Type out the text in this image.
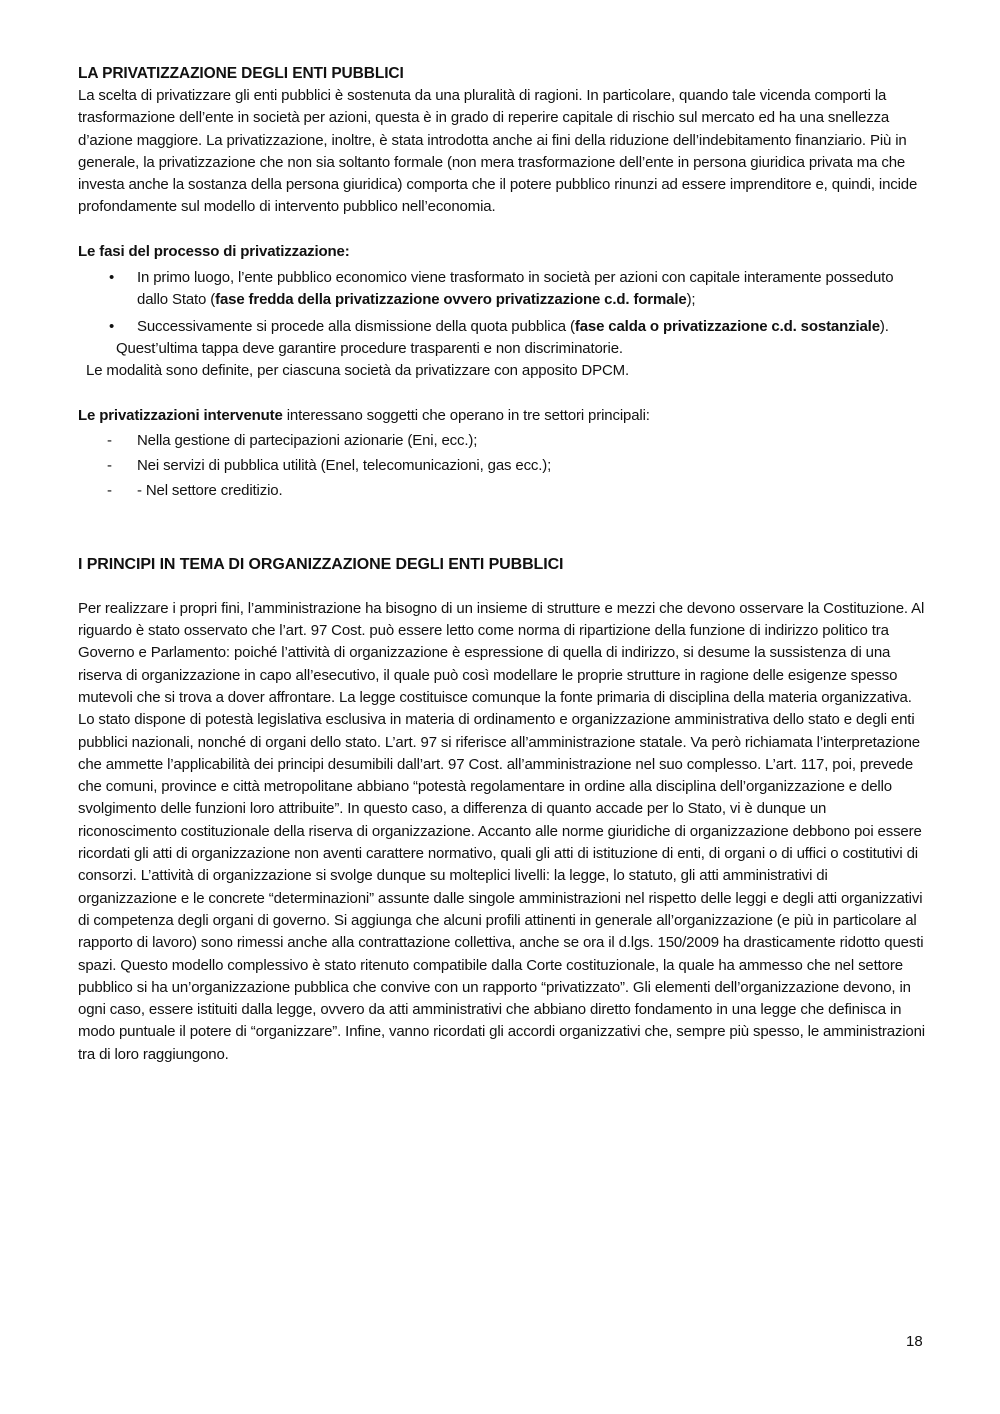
LA PRIVATIZZAZIONE DEGLI ENTI PUBBLICI

La scelta di privatizzare gli enti pubblici è sostenuta da una pluralità di ragioni. In particolare, quando tale vicenda comporti la trasformazione dell’ente in società per azioni, questa è in grado di reperire capitale di rischio sul mercato ed ha una snellezza d’azione maggiore. La privatizzazione, inoltre, è stata introdotta anche ai fini della riduzione dell’indebitamento finanziario. Più in generale, la privatizzazione che non sia soltanto formale (non mera trasformazione dell’ente in persona giuridica privata ma che investa anche la sostanza della persona giuridica) comporta che il potere pubblico rinunzi ad essere imprenditore e, quindi, incide profondamente sul modello di intervento pubblico nell’economia.

Le fasi del processo di privatizzazione:

• In primo luogo, l’ente pubblico economico viene trasformato in società per azioni con capitale interamente posseduto dallo Stato (fase fredda della privatizzazione ovvero privatizzazione c.d. formale);
• Successivamente si procede alla dismissione della quota pubblica (fase calda o privatizzazione c.d. sostanziale).

Quest’ultima tappa deve garantire procedure trasparenti e non discriminatorie.

Le modalità sono definite, per ciascuna società da privatizzare con apposito DPCM.

Le privatizzazioni intervenute interessano soggetti che operano in tre settori principali:

- Nella gestione di partecipazioni azionarie (Eni, ecc.);
- Nei servizi di pubblica utilità (Enel, telecomunicazioni, gas ecc.);
- - Nel settore creditizio.
I PRINCIPI IN TEMA DI ORGANIZZAZIONE DEGLI ENTI PUBBLICI

Per realizzare i propri fini, l’amministrazione ha bisogno di un insieme di strutture e mezzi che devono osservare la Costituzione. Al riguardo è stato osservato che l’art. 97 Cost. può essere letto come norma di ripartizione della funzione di indirizzo politico tra Governo e Parlamento: poiché l’attività di organizzazione è espressione di quella di indirizzo, si desume la sussistenza di una riserva di organizzazione in capo all’esecutivo, il quale può così modellare le proprie strutture in ragione delle esigenze spesso mutevoli che si trova a dover affrontare. La legge costituisce comunque la fonte primaria di disciplina della materia organizzativa. Lo stato dispone di potestà legislativa esclusiva in materia di ordinamento e organizzazione amministrativa dello stato e degli enti pubblici nazionali, nonché di organi dello stato. L’art. 97 si riferisce all’amministrazione statale. Va però richiamata l’interpretazione che ammette l’applicabilità dei principi desumibili dall’art. 97 Cost. all’amministrazione nel suo complesso. L’art. 117, poi, prevede che comuni, province e città metropolitane abbiano “potestà regolamentare in ordine alla disciplina dell’organizzazione e dello svolgimento delle funzioni loro attribuite”. In questo caso, a differenza di quanto accade per lo Stato, vi è dunque un riconoscimento costituzionale della riserva di organizzazione. Accanto alle norme giuridiche di organizzazione debbono poi essere ricordati gli atti di organizzazione non aventi carattere normativo, quali gli atti di istituzione di enti, di organi o di uffici o costitutivi di consorzi. L’attività di organizzazione si svolge dunque su molteplici livelli: la legge, lo statuto, gli atti amministrativi di organizzazione e le concrete “determinazioni” assunte dalle singole amministrazioni nel rispetto delle leggi e degli atti organizzativi di competenza degli organi di governo. Si aggiunga che alcuni profili attinenti in generale all’organizzazione (e più in particolare al rapporto di lavoro) sono rimessi anche alla contrattazione collettiva, anche se ora il d.lgs. 150/2009 ha drasticamente ridotto questi spazi. Questo modello complessivo è stato ritenuto compatibile dalla Corte costituzionale, la quale ha ammesso che nel settore pubblico si ha un’organizzazione pubblica che convive con un rapporto “privatizzato”. Gli elementi dell’organizzazione devono, in ogni caso, essere istituiti dalla legge, ovvero da atti amministrativi che abbiano diretto fondamento in una legge che definisca in modo puntuale il potere di “organizzare”. Infine, vanno ricordati gli accordi organizzativi che, sempre più spesso, le amministrazioni tra di loro raggiungono.

18
